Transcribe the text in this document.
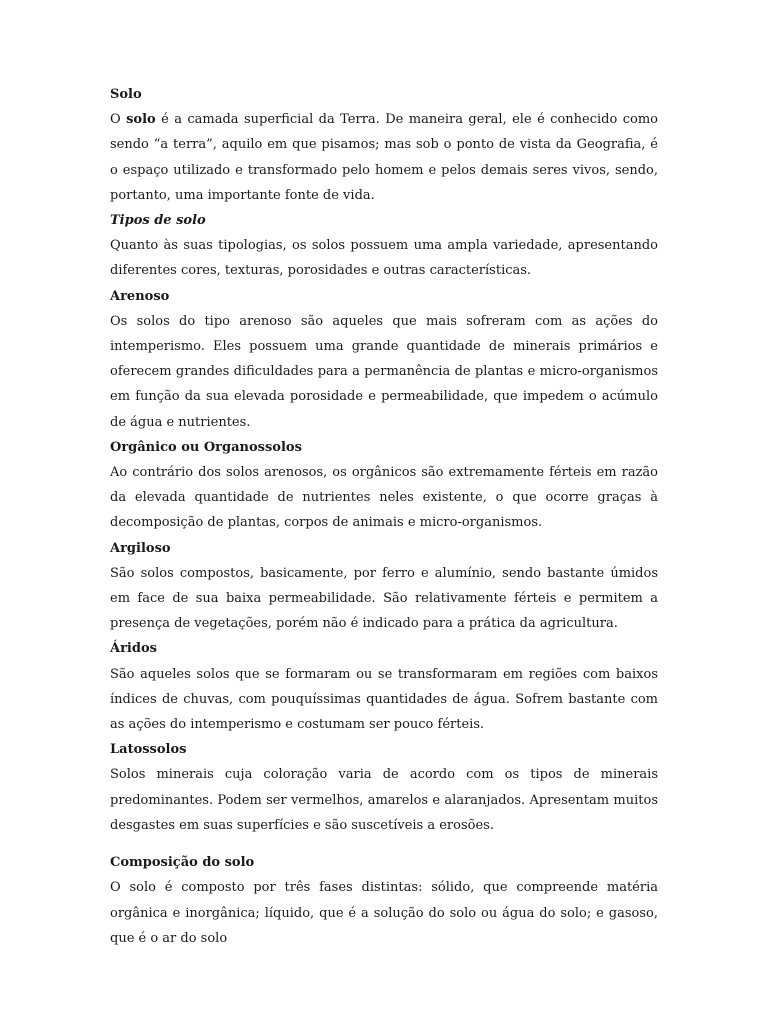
Solo

O solo é a camada superficial da Terra. De maneira geral, ele é conhecido como sendo “a terra”, aquilo em que pisamos; mas sob o ponto de vista da Geografia, é o espaço utilizado e transformado pelo homem e pelos demais seres vivos, sendo, portanto, uma importante fonte de vida.

Tipos de solo

Quanto às suas tipologias, os solos possuem uma ampla variedade, apresentando diferentes cores, texturas, porosidades e outras características.

Arenoso

Os solos do tipo arenoso são aqueles que mais sofreram com as ações do intemperismo. Eles possuem uma grande quantidade de minerais primários e oferecem grandes dificuldades para a permanência de plantas e micro-organismos em função da sua elevada porosidade e permeabilidade, que impedem o acúmulo de água e nutrientes.

Orgânico ou Organossolos

Ao contrário dos solos arenosos, os orgânicos são extremamente férteis em razão da elevada quantidade de nutrientes neles existente, o que ocorre graças à decomposição de plantas, corpos de animais e micro-organismos.

Argiloso

São solos compostos, basicamente, por ferro e alumínio, sendo bastante úmidos em face de sua baixa permeabilidade. São relativamente férteis e permitem a presença de vegetações, porém não é indicado para a prática da agricultura.

Áridos

São aqueles solos que se formaram ou se transformaram em regiões com baixos índices de chuvas, com pouquíssimas quantidades de água. Sofrem bastante com as ações do intemperismo e costumam ser pouco férteis.

Latossolos

Solos minerais cuja coloração varia de acordo com os tipos de minerais predominantes. Podem ser vermelhos, amarelos e alaranjados. Apresentam muitos desgastes em suas superfícies e são suscetíveis a erosões.

Composição do solo

O solo é composto por três fases distintas: sólido, que compreende matéria orgânica e inorgânica; líquido, que é a solução do solo ou água do solo; e gasoso, que é o ar do solo
